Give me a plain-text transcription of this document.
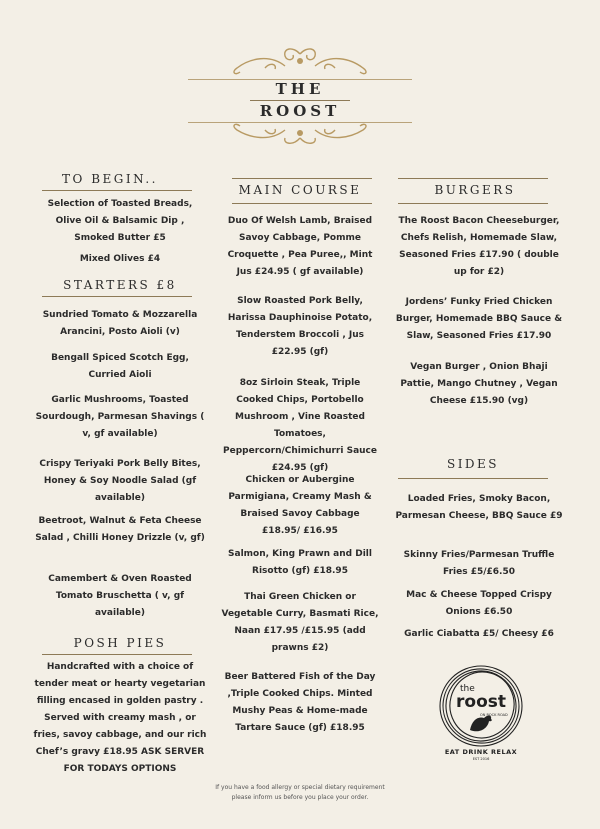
THE
ROOST
TO BEGIN..
Selection of Toasted Breads, Olive Oil & Balsamic Dip , Smoked Butter £5
Mixed Olives £4
STARTERS £8
Sundried Tomato & Mozzarella Arancini, Posto Aioli (v)
Bengall Spiced Scotch Egg, Curried Aioli
Garlic Mushrooms, Toasted Sourdough, Parmesan Shavings ( v, gf available)
Crispy Teriyaki Pork Belly Bites, Honey & Soy Noodle Salad (gf available)
Beetroot, Walnut & Feta Cheese Salad , Chilli Honey Drizzle (v, gf)
Camembert & Oven Roasted Tomato Bruschetta ( v, gf available)
POSH PIES
Handcrafted with a choice of tender meat or hearty vegetarian filling encased in golden pastry . Served with creamy mash , or fries, savoy cabbage, and our rich Chef’s gravy £18.95 ASK SERVER FOR TODAYS OPTIONS
MAIN COURSE
Duo Of Welsh Lamb, Braised Savoy Cabbage, Pomme Croquette , Pea Puree,, Mint Jus £24.95 ( gf available)
Slow Roasted Pork Belly, Harissa Dauphinoise Potato, Tenderstem Broccoli , Jus £22.95 (gf)
8oz Sirloin Steak, Triple Cooked Chips, Portobello Mushroom , Vine Roasted Tomatoes, Peppercorn/Chimichurri Sauce £24.95 (gf)
Chicken or Aubergine Parmigiana, Creamy Mash & Braised Savoy Cabbage £18.95/ £16.95
Salmon, King Prawn and Dill Risotto (gf) £18.95
Thai Green Chicken or Vegetable Curry, Basmati Rice, Naan £17.95 /£15.95 (add prawns £2)
Beer Battered Fish of the Day ,Triple Cooked Chips. Minted Mushy Peas & Home-made Tartare Sauce (gf) £18.95
BURGERS
The Roost Bacon Cheeseburger, Chefs Relish, Homemade Slaw, Seasoned Fries £17.90 ( double up for £2)
Jordens’ Funky Fried Chicken Burger, Homemade BBQ Sauce & Slaw, Seasoned Fries £17.90
Vegan Burger , Onion Bhaji Pattie, Mango Chutney , Vegan Cheese £15.90 (vg)
SIDES
Loaded Fries, Smoky Bacon, Parmesan Cheese, BBQ Sauce £9
Skinny Fries/Parmesan Truffle Fries £5/£6.50
Mac & Cheese Topped Crispy Onions £6.50
Garlic Ciabatta £5/ Cheesy £6
the
roost
ON ROCK ROAD
EAT DRINK RELAX
EST 2016
If you have a food allergy or special dietary requirement
please inform us before you place your order.
